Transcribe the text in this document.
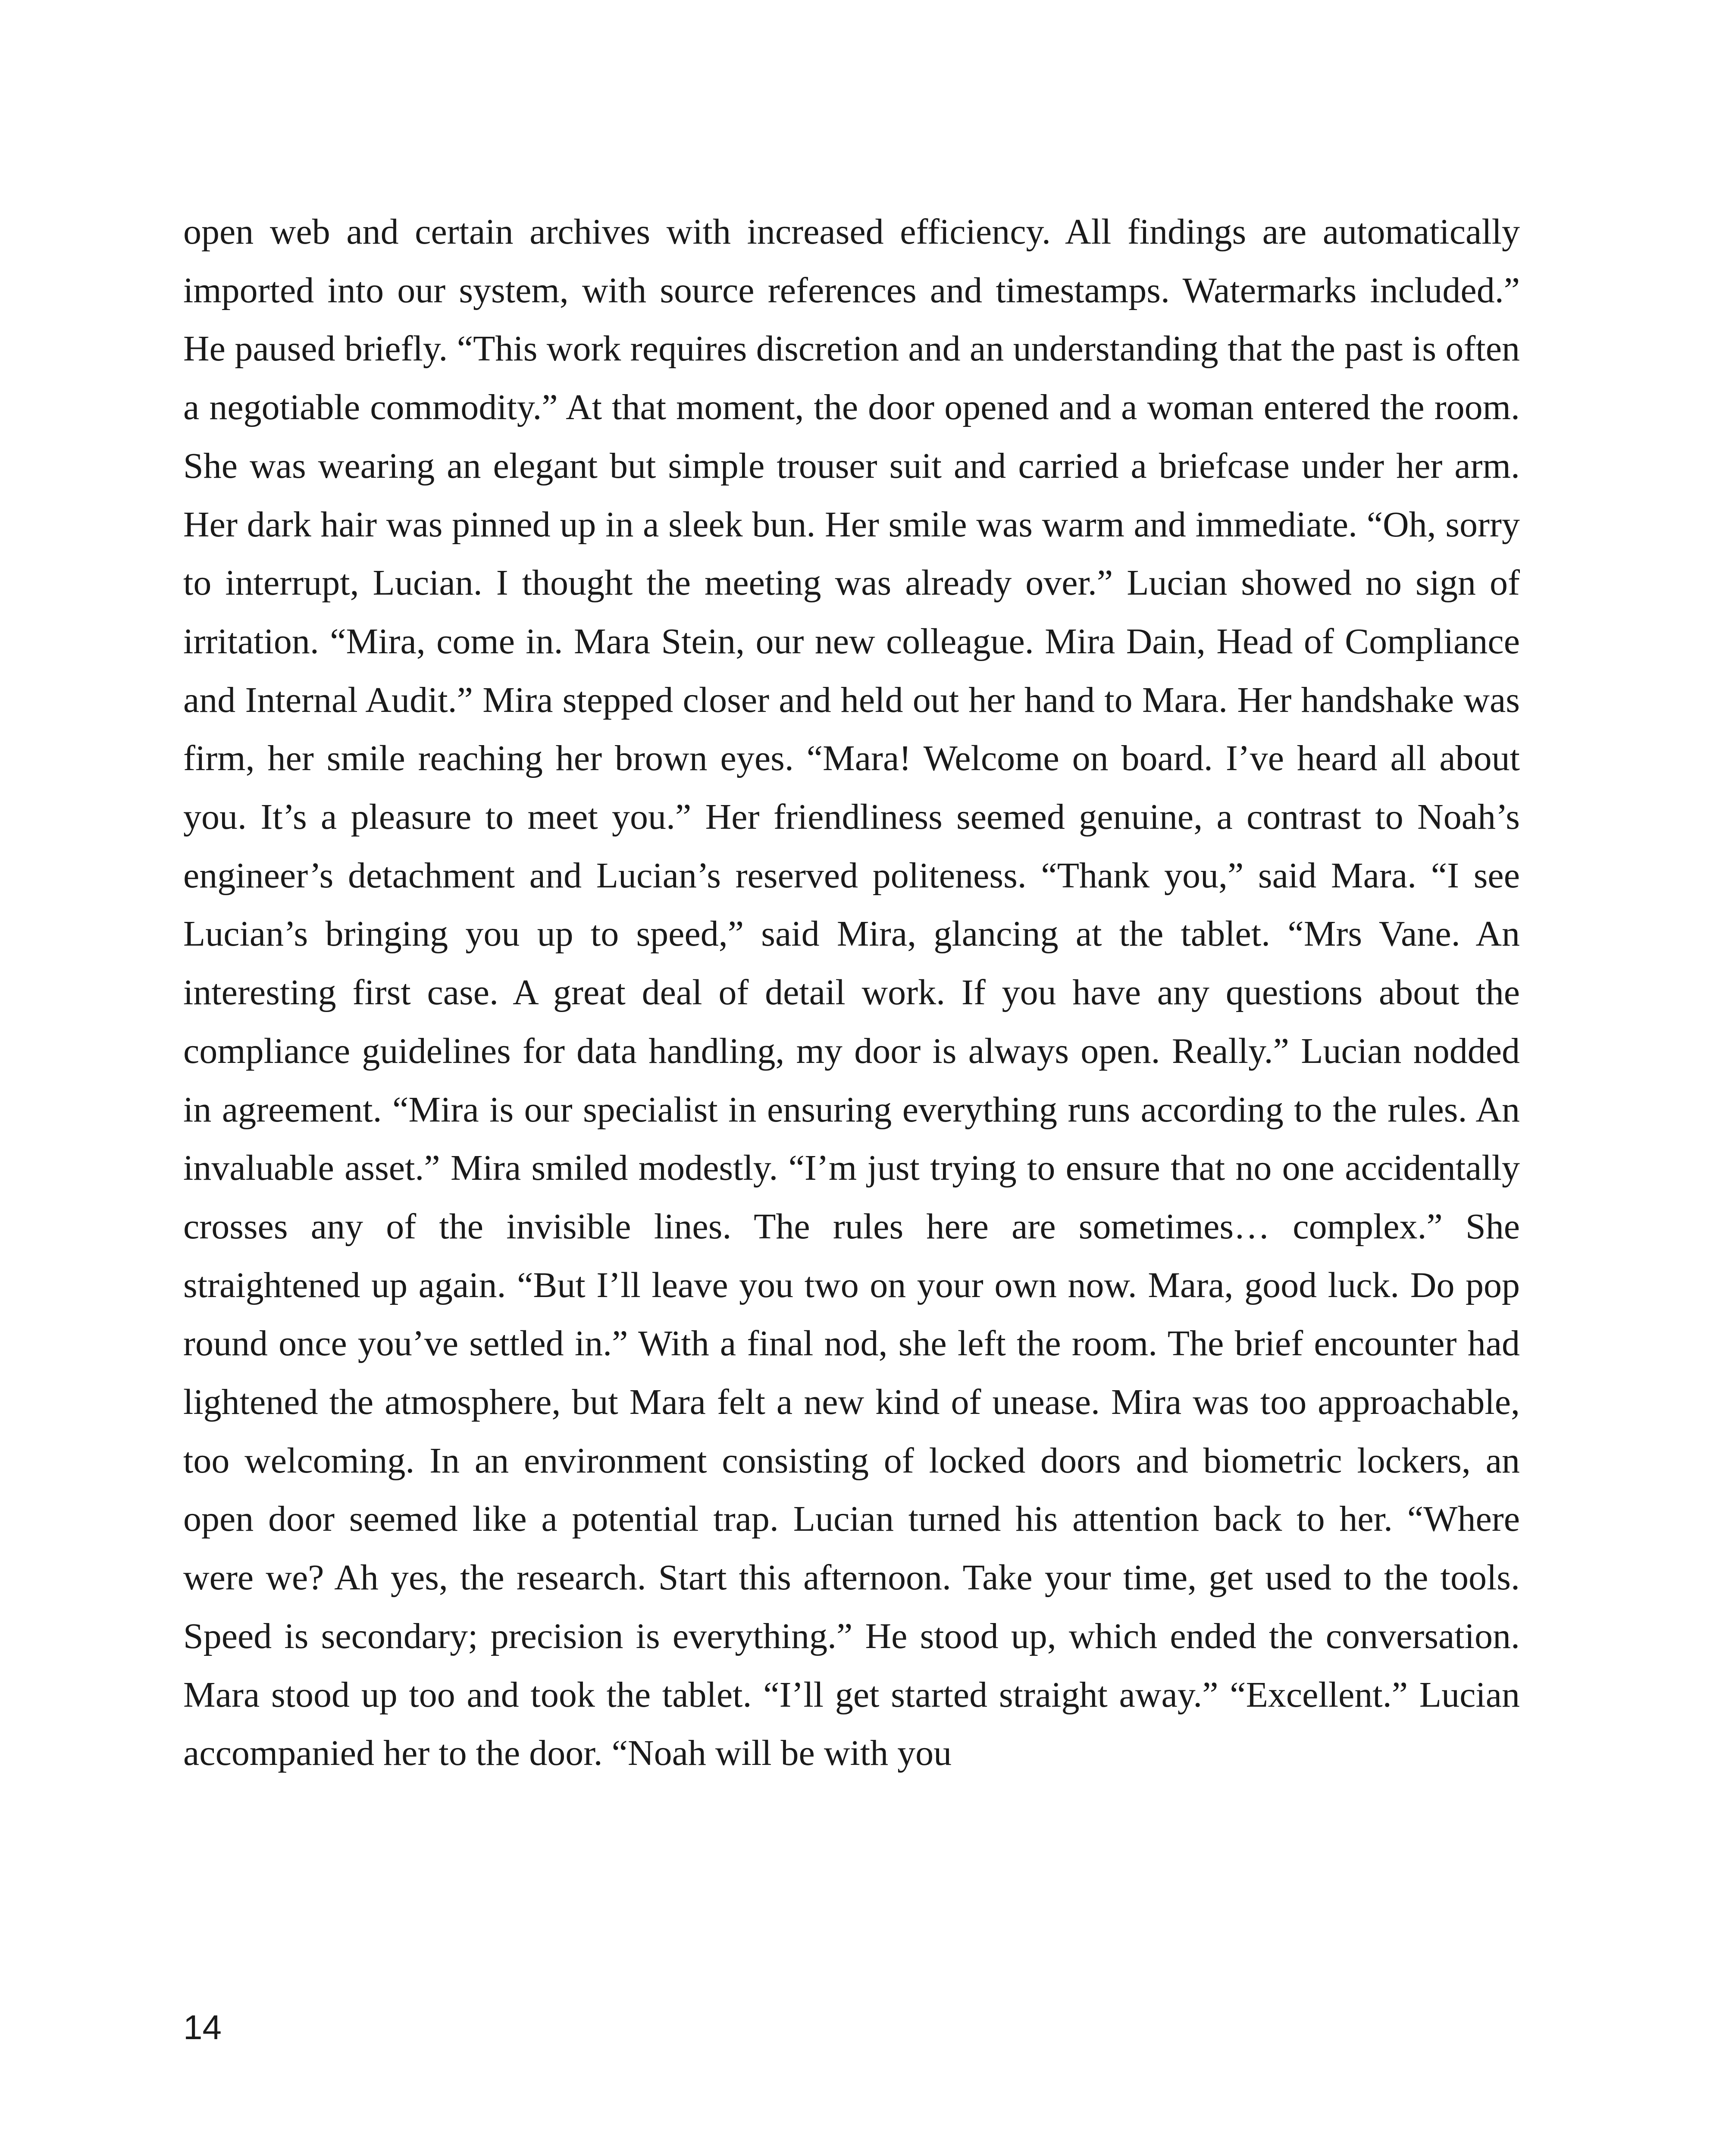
open web and certain archives with increased efficiency. All findings are automatically imported into our system, with source references and timestamps. Watermarks included.” He paused briefly. “This work requires discretion and an understanding that the past is often a negotiable commodity.” At that moment, the door opened and a woman entered the room. She was wearing an elegant but simple trouser suit and carried a briefcase under her arm. Her dark hair was pinned up in a sleek bun. Her smile was warm and immediate. “Oh, sorry to interrupt, Lucian. I thought the meeting was already over.” Lucian showed no sign of irritation. “Mira, come in. Mara Stein, our new colleague. Mira Dain, Head of Compliance and Internal Audit.” Mira stepped closer and held out her hand to Mara. Her handshake was firm, her smile reaching her brown eyes. “Mara! Welcome on board. I’ve heard all about you. It’s a pleasure to meet you.” Her friendliness seemed genuine, a contrast to Noah’s engineer’s detachment and Lucian’s reserved politeness. “Thank you,” said Mara. “I see Lucian’s bringing you up to speed,” said Mira, glancing at the tablet. “Mrs Vane. An interesting first case. A great deal of detail work. If you have any questions about the compliance guidelines for data handling, my door is always open. Really.” Lucian nodded in agreement. “Mira is our specialist in ensuring everything runs according to the rules. An invaluable asset.” Mira smiled modestly. “I’m just trying to ensure that no one accidentally crosses any of the invisible lines. The rules here are sometimes… complex.” She straightened up again. “But I’ll leave you two on your own now. Mara, good luck. Do pop round once you’ve settled in.” With a final nod, she left the room. The brief encounter had lightened the atmosphere, but Mara felt a new kind of unease. Mira was too approachable, too welcoming. In an environment consisting of locked doors and biometric lockers, an open door seemed like a potential trap. Lucian turned his attention back to her. “Where were we? Ah yes, the research. Start this afternoon. Take your time, get used to the tools. Speed is secondary; precision is everything.” He stood up, which ended the conversation. Mara stood up too and took the tablet. “I’ll get started straight away.” “Excellent.” Lucian accompanied her to the door. “Noah will be with you

14
